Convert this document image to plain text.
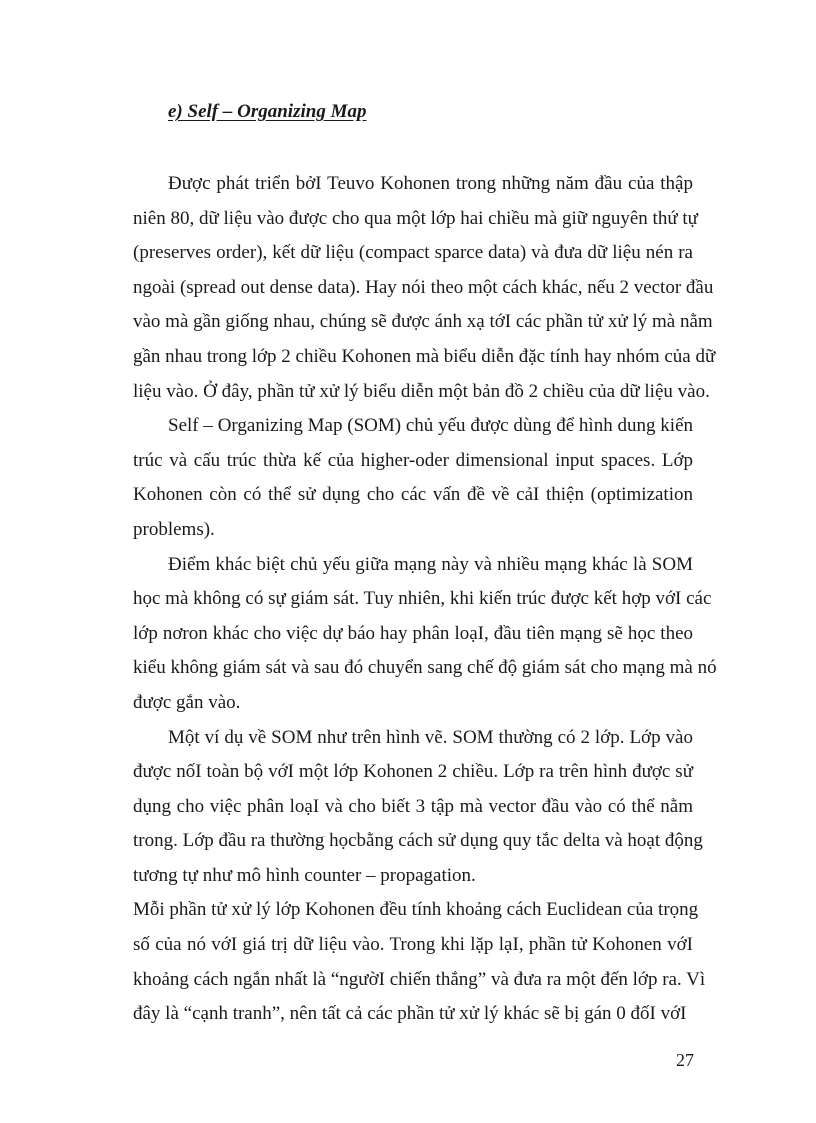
e) Self – Organizing Map

Được phát triển bởI Teuvo Kohonen trong những năm đầu của thập
niên 80, dữ liệu vào được cho qua một lớp hai chiều mà giữ nguyên thứ tự
(preserves order), kết dữ liệu (compact sparce data) và đưa dữ liệu nén ra
ngoài (spread out dense data). Hay nói theo một cách khác, nếu 2 vector đầu
vào mà gần giống nhau, chúng sẽ được ánh xạ tớI các phần tử xử lý mà nằm
gần nhau trong lớp 2 chiều Kohonen mà biểu diễn đặc tính hay nhóm của dữ
liệu vào. Ở đây, phần tử xử lý biểu diễn một bản đồ 2 chiều của dữ liệu vào.

Self – Organizing Map (SOM) chủ yếu được dùng để hình dung kiến
trúc và cấu trúc thừa kế của higher-oder dimensional input spaces. Lớp
Kohonen còn có thể sử dụng cho các vấn đề về cảI thiện (optimization
problems).

Điểm khác biệt chủ yếu giữa mạng này và nhiều mạng khác là SOM
học mà không có sự giám sát. Tuy nhiên, khi kiến trúc được kết hợp vớI các
lớp nơron khác cho việc dự báo hay phân loạI, đầu tiên mạng sẽ học theo
kiểu không giám sát và sau đó chuyển sang chế độ giám sát cho mạng mà nó
được gắn vào.

Một ví dụ về SOM như trên hình vẽ. SOM thường có 2 lớp. Lớp vào
được nốI toàn bộ vớI một lớp Kohonen 2 chiều. Lớp ra trên hình được sử
dụng cho việc phân loạI và cho biết 3 tập mà vector đầu vào có thể nằm
trong. Lớp đầu ra thường họcbằng cách sử dụng quy tắc delta và hoạt động
tương tự như mô hình counter – propagation.

Mỗi phần tử xử lý lớp Kohonen đều tính khoảng cách Euclidean của trọng
số của nó vớI giá trị dữ liệu vào. Trong khi lặp lạI, phần tử Kohonen vớI
khoảng cách ngắn nhất là “ngườI chiến thắng” và đưa ra một đến lớp ra. Vì
đây là “cạnh tranh”, nên tất cả các phần tử xử lý khác sẽ bị gán 0 đốI vớI

27
